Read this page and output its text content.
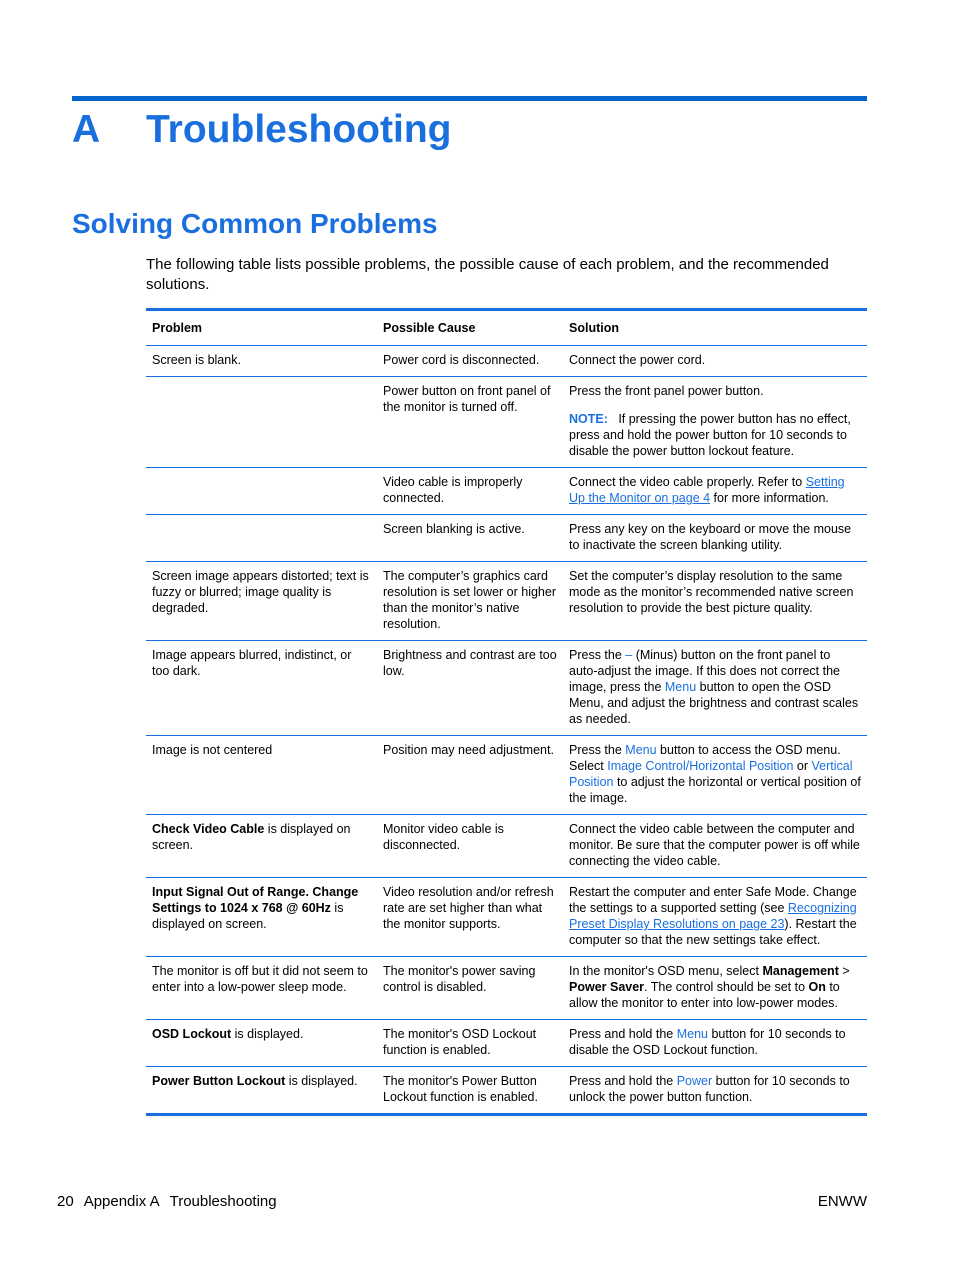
A Troubleshooting
Solving Common Problems
The following table lists possible problems, the possible cause of each problem, and the recommended solutions.
Problem	Possible Cause	Solution
Screen is blank.	Power cord is disconnected.	Connect the power cord.
	Power button on front panel of the monitor is turned off.	Press the front panel power button.
NOTE: If pressing the power button has no effect, press and hold the power button for 10 seconds to disable the power button lockout feature.

	Video cable is improperly connected.	Connect the video cable properly. Refer to Setting Up the Monitor on page 4 for more information.
	Screen blanking is active.	Press any key on the keyboard or move the mouse to inactivate the screen blanking utility.
Screen image appears distorted; text is fuzzy or blurred; image quality is degraded.	The computer’s graphics card resolution is set lower or higher than the monitor’s native resolution.	Set the computer’s display resolution to the same mode as the monitor’s recommended native screen resolution to provide the best picture quality.
Image appears blurred, indistinct, or too dark.	Brightness and contrast are too low.	Press the – (Minus) button on the front panel to auto-adjust the image. If this does not correct the image, press the Menu button to open the OSD Menu, and adjust the brightness and contrast scales as needed.
Image is not centered	Position may need adjustment.	Press the Menu button to access the OSD menu. Select Image Control/Horizontal Position or Vertical Position to adjust the horizontal or vertical position of the image.
Check Video Cable is displayed on screen.	Monitor video cable is disconnected.	Connect the video cable between the computer and monitor. Be sure that the computer power is off while connecting the video cable.
Input Signal Out of Range. Change Settings to 1024 x 768 @ 60Hz is displayed on screen.	Video resolution and/or refresh rate are set higher than what the monitor supports.	Restart the computer and enter Safe Mode. Change the settings to a supported setting (see Recognizing Preset Display Resolutions on page 23). Restart the computer so that the new settings take effect.
The monitor is off but it did not seem to enter into a low-power sleep mode.	The monitor's power saving control is disabled.	In the monitor's OSD menu, select Management > Power Saver. The control should be set to On to allow the monitor to enter into low-power modes.
OSD Lockout is displayed.	The monitor's OSD Lockout function is enabled.	Press and hold the Menu button for 10 seconds to disable the OSD Lockout function.
Power Button Lockout is displayed.	The monitor's Power Button Lockout function is enabled.	Press and hold the Power button for 10 seconds to unlock the power button function.
20 Appendix A Troubleshooting	ENWW
